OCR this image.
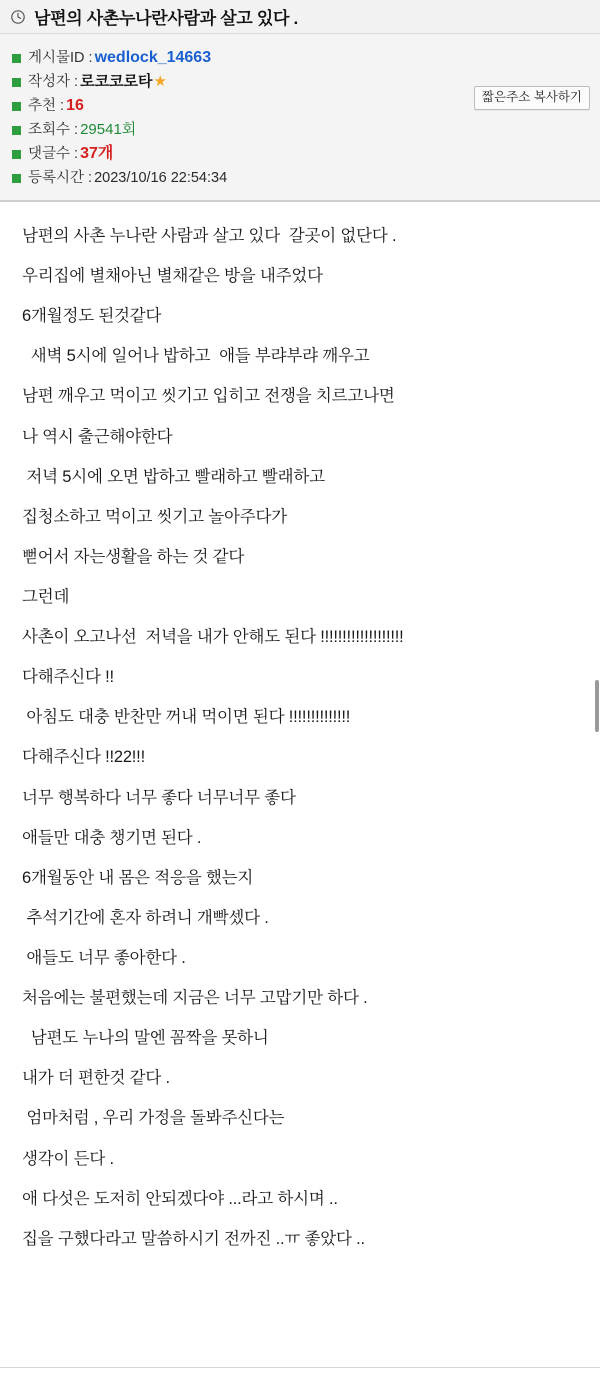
남편의 사촌누나란사람과 살고 있다 .
게시물ID : wedlock_14663
작성자 : 로코코로타 ★
추천 : 16
조회수 : 29541회
댓글수 : 37개
등록시간 : 2023/10/16 22:54:34
짧은주소 복사하기

남편의 사촌 누나란 사람과 살고 있다  갈곳이 없단다 .

우리집에 별채아닌 별채같은 방을 내주었다

6개월정도 된것같다

새벽 5시에 일어나 밥하고  애들 부랴부랴 깨우고

남편 깨우고 먹이고 씻기고 입히고 전쟁을 치르고나면

나 역시 출근해야한다

저녁 5시에 오면 밥하고 빨래하고 빨래하고

집청소하고 먹이고 씻기고 놀아주다가

뻗어서 자는생활을 하는 것 같다

그런데

사촌이 오고나선  저녁을 내가 안해도 된다 !!!!!!!!!!!!!!!!!!!

다해주신다 !!

아침도 대충 반찬만 꺼내 먹이면 된다 !!!!!!!!!!!!!!

다해주신다 !!22!!!

너무 행복하다 너무 좋다 너무너무 좋다

애들만 대충 챙기면 된다 .

6개월동안 내 몸은 적응을 했는지

추석기간에 혼자 하려니 개빡셌다 .

애들도 너무 좋아한다 .

처음에는 불편했는데 지금은 너무 고맙기만 하다 .

남편도 누나의 말엔 꼼짝을 못하니

내가 더 편한것 같다 .

엄마처럼 , 우리 가정을 돌봐주신다는

생각이 든다 .

애 다섯은 도저히 안되겠다야 ...라고 하시며 ..

집을 구했다라고 말씀하시기 전까진 ..ㅠ 좋았다 ..
